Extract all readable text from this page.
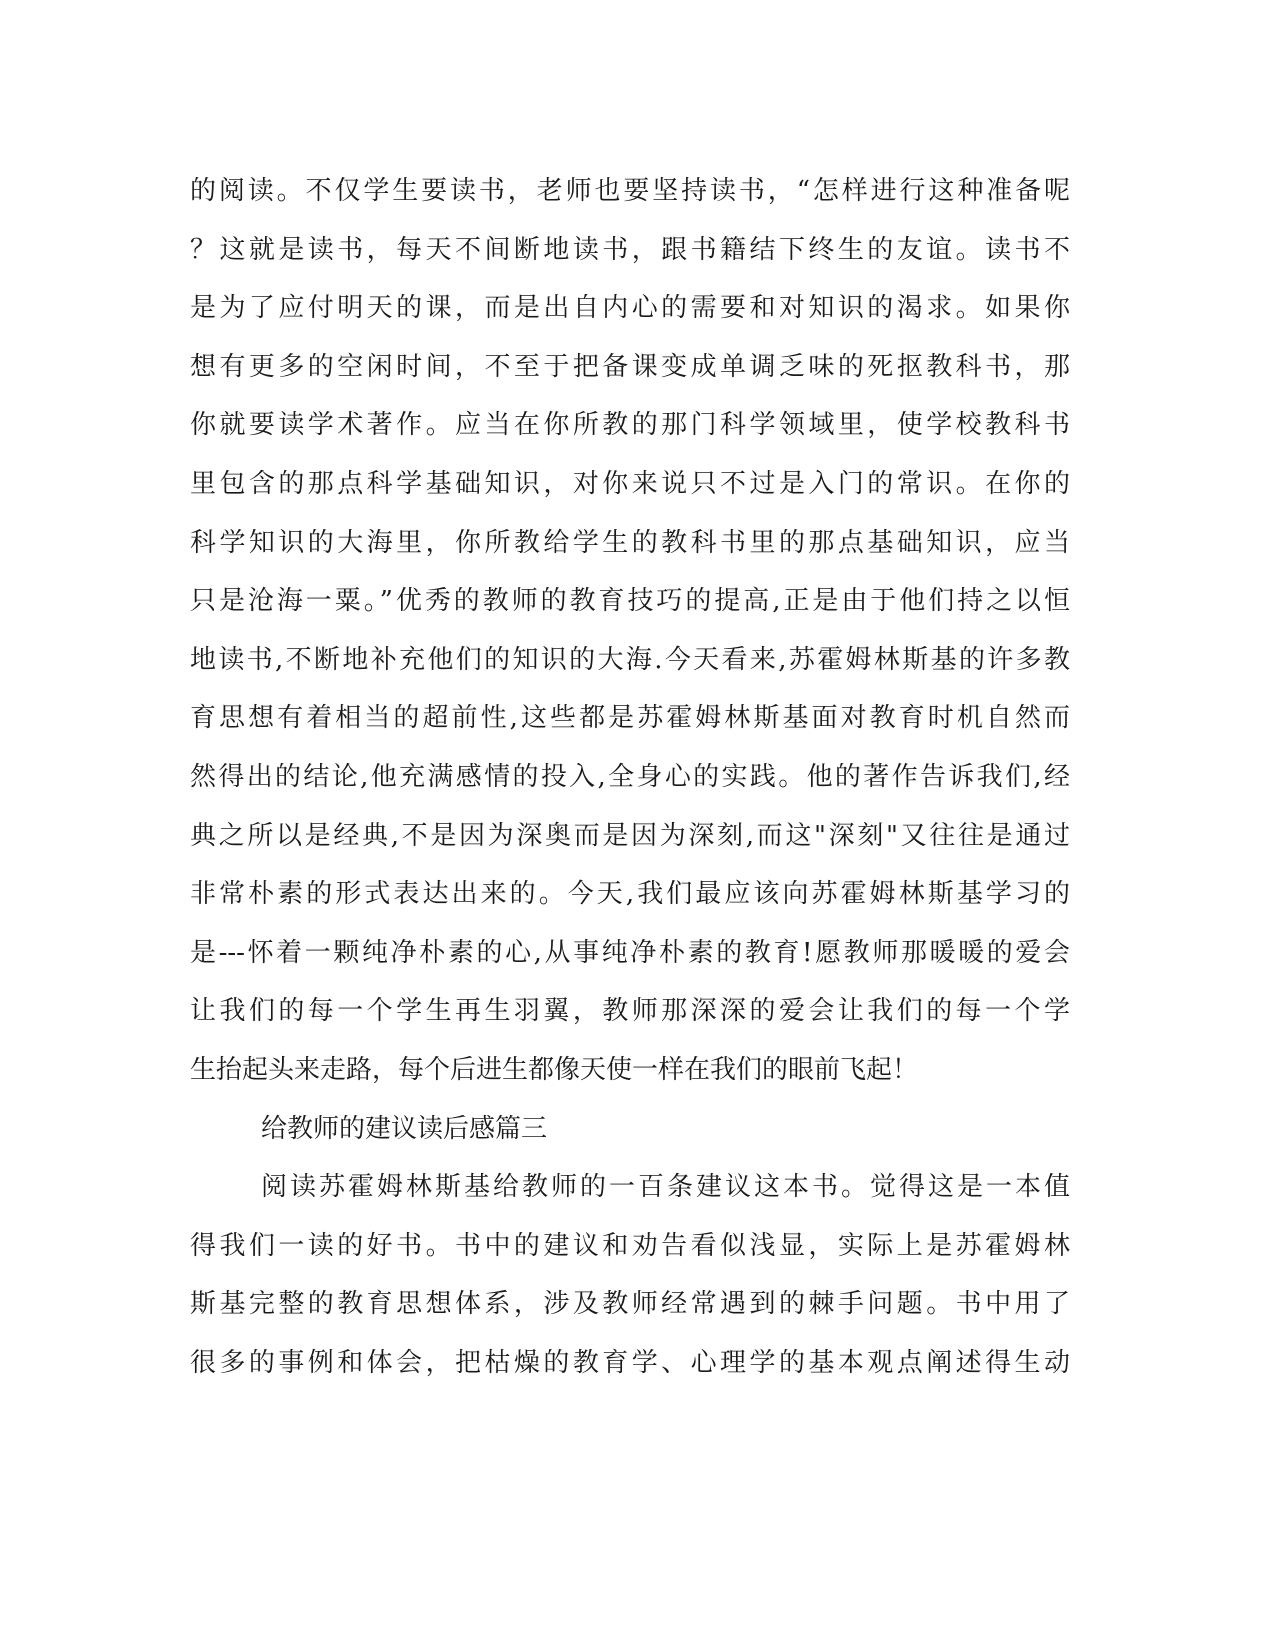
的阅读。不仅学生要读书，老师也要坚持读书，“怎样进行这种准备呢
？这就是读书，每天不间断地读书，跟书籍结下终生的友谊。读书不
是为了应付明天的课，而是出自内心的需要和对知识的渴求。如果你
想有更多的空闲时间，不至于把备课变成单调乏味的死抠教科书，那
你就要读学术著作。应当在你所教的那门科学领域里，使学校教科书
里包含的那点科学基础知识，对你来说只不过是入门的常识。在你的
科学知识的大海里，你所教给学生的教科书里的那点基础知识，应当
只是沧海一粟。”优秀的教师的教育技巧的提高,正是由于他们持之以恒
地读书,不断地补充他们的知识的大海.今天看来,苏霍姆林斯基的许多教
育思想有着相当的超前性,这些都是苏霍姆林斯基面对教育时机自然而
然得出的结论,他充满感情的投入,全身心的实践。他的著作告诉我们,经
典之所以是经典,不是因为深奥而是因为深刻,而这"深刻"又往往是通过
非常朴素的形式表达出来的。今天,我们最应该向苏霍姆林斯基学习的
是---怀着一颗纯净朴素的心,从事纯净朴素的教育!愿教师那暖暖的爱会
让我们的每一个学生再生羽翼，教师那深深的爱会让我们的每一个学
生抬起头来走路，每个后进生都像天使一样在我们的眼前飞起！
给教师的建议读后感篇三
阅读苏霍姆林斯基给教师的一百条建议这本书。觉得这是一本值
得我们一读的好书。书中的建议和劝告看似浅显，实际上是苏霍姆林
斯基完整的教育思想体系，涉及教师经常遇到的棘手问题。书中用了
很多的事例和体会，把枯燥的教育学、心理学的基本观点阐述得生动
